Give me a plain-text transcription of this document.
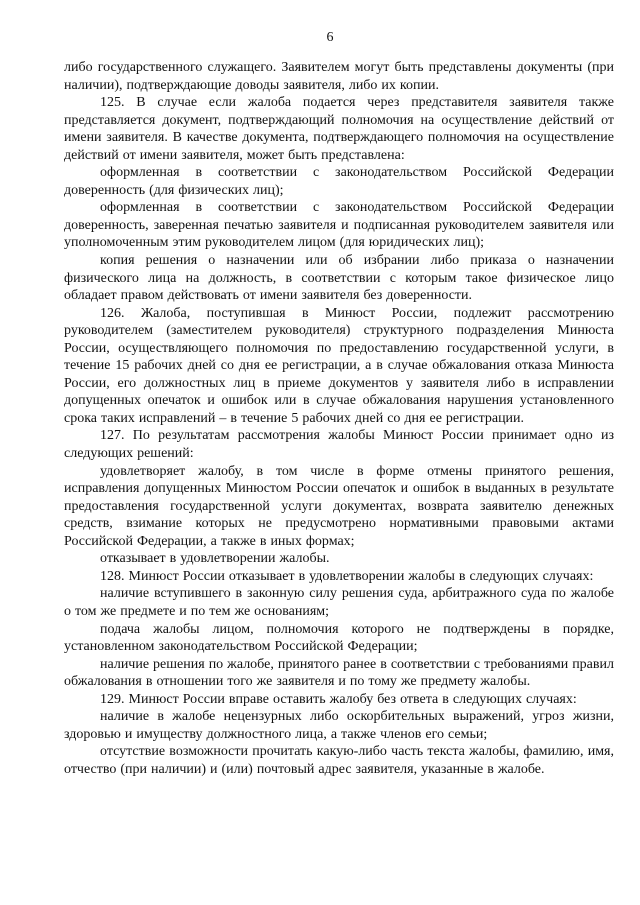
6

либо государственного служащего. Заявителем могут быть представлены документы (при наличии), подтверждающие доводы заявителя, либо их копии.

125. В случае если жалоба подается через представителя заявителя также представляется документ, подтверждающий полномочия на осуществление действий от имени заявителя. В качестве документа, подтверждающего полномочия на осуществление действий от имени заявителя, может быть представлена:

оформленная в соответствии с законодательством Российской Федерации доверенность (для физических лиц);

оформленная в соответствии с законодательством Российской Федерации доверенность, заверенная печатью заявителя и подписанная руководителем заявителя или уполномоченным этим руководителем лицом (для юридических лиц);

копия решения о назначении или об избрании либо приказа о назначении физического лица на должность, в соответствии с которым такое физическое лицо обладает правом действовать от имени заявителя без доверенности.

126. Жалоба, поступившая в Минюст России, подлежит рассмотрению руководителем (заместителем руководителя) структурного подразделения Минюста России, осуществляющего полномочия по предоставлению государственной услуги, в течение 15 рабочих дней со дня ее регистрации, а в случае обжалования отказа Минюста России, его должностных лиц в приеме документов у заявителя либо в исправлении допущенных опечаток и ошибок или в случае обжалования нарушения установленного срока таких исправлений – в течение 5 рабочих дней со дня ее регистрации.

127. По результатам рассмотрения жалобы Минюст России принимает одно из следующих решений:

удовлетворяет жалобу, в том числе в форме отмены принятого решения, исправления допущенных Минюстом России опечаток и ошибок в выданных в результате предоставления государственной услуги документах, возврата заявителю денежных средств, взимание которых не предусмотрено нормативными правовыми актами Российской Федерации, а также в иных формах;

отказывает в удовлетворении жалобы.

128. Минюст России отказывает в удовлетворении жалобы в следующих случаях:

наличие вступившего в законную силу решения суда, арбитражного суда по жалобе о том же предмете и по тем же основаниям;

подача жалобы лицом, полномочия которого не подтверждены в порядке, установленном законодательством Российской Федерации;

наличие решения по жалобе, принятого ранее в соответствии с требованиями правил обжалования в отношении того же заявителя и по тому же предмету жалобы.

129. Минюст России вправе оставить жалобу без ответа в следующих случаях:

наличие в жалобе нецензурных либо оскорбительных выражений, угроз жизни, здоровью и имуществу должностного лица, а также членов его семьи;

отсутствие возможности прочитать какую-либо часть текста жалобы, фамилию, имя, отчество (при наличии) и (или) почтовый адрес заявителя, указанные в жалобе.
